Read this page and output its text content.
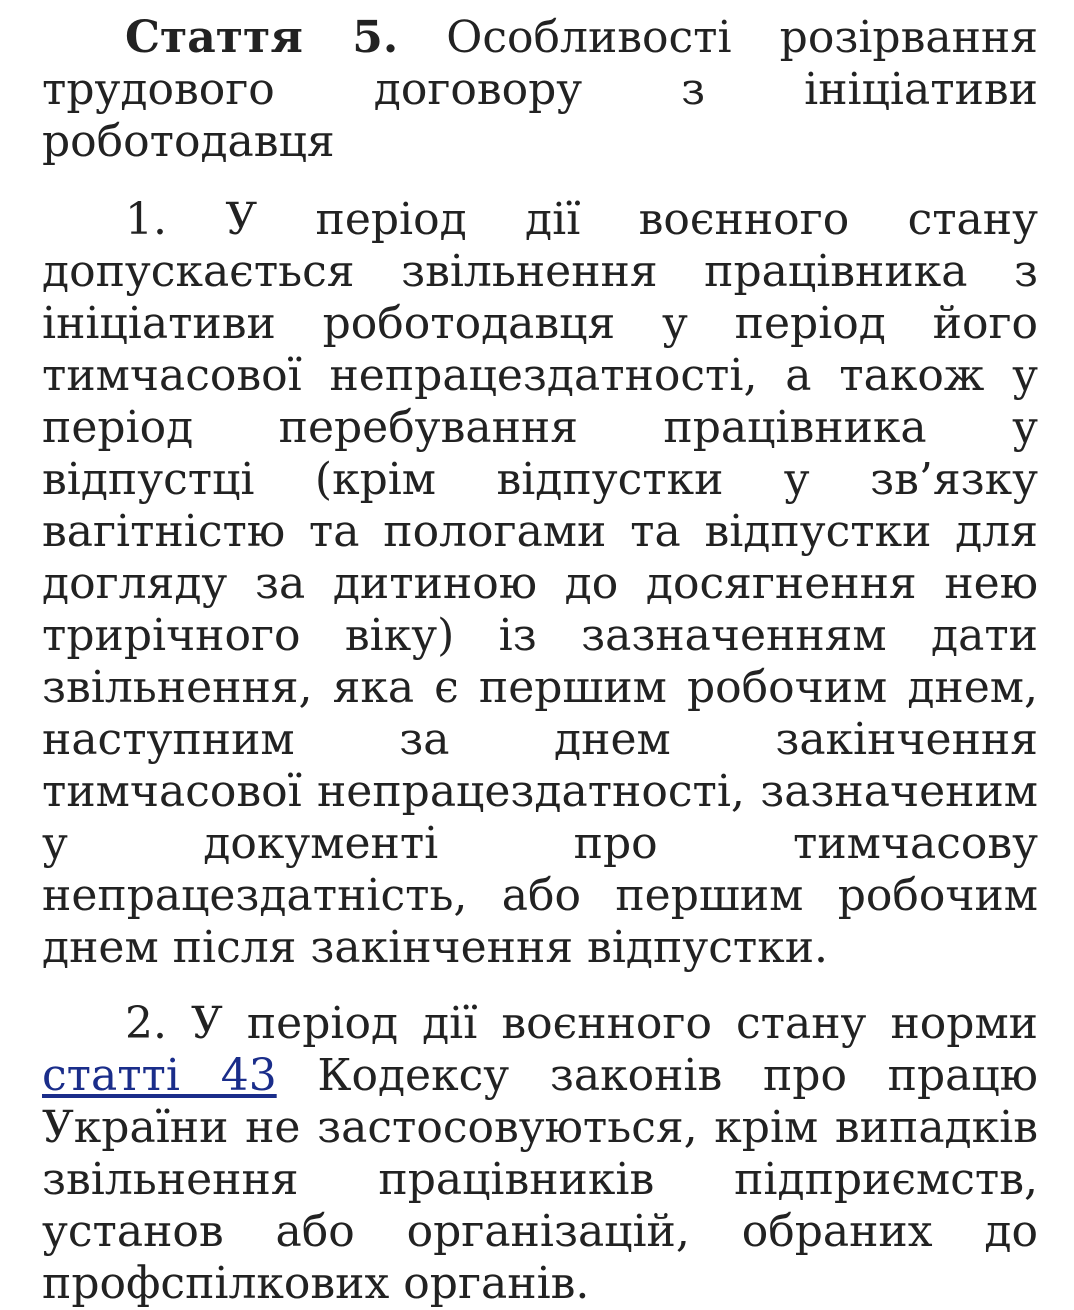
Стаття 5. Особливості розірвання трудового договору з ініціативи роботодавця

1. У період дії воєнного стану допускається звільнення працівника з ініціативи роботодавця у період його тимчасової непрацездатності, а також у період перебування працівника у відпустці (крім відпустки у зв’язку вагітністю та пологами та відпустки для догляду за дитиною до досягнення нею трирічного віку) із зазначенням дати звільнення, яка є першим робочим днем, наступним за днем закінчення тимчасової непрацездатності, зазначеним у документі про тимчасову непрацездатність, або першим робочим днем після закінчення відпустки.

2. У період дії воєнного стану норми статті 43 Кодексу законів про працю України не застосовуються, крім випадків звільнення працівників підприємств, установ або організацій, обраних до профспілкових органів.
